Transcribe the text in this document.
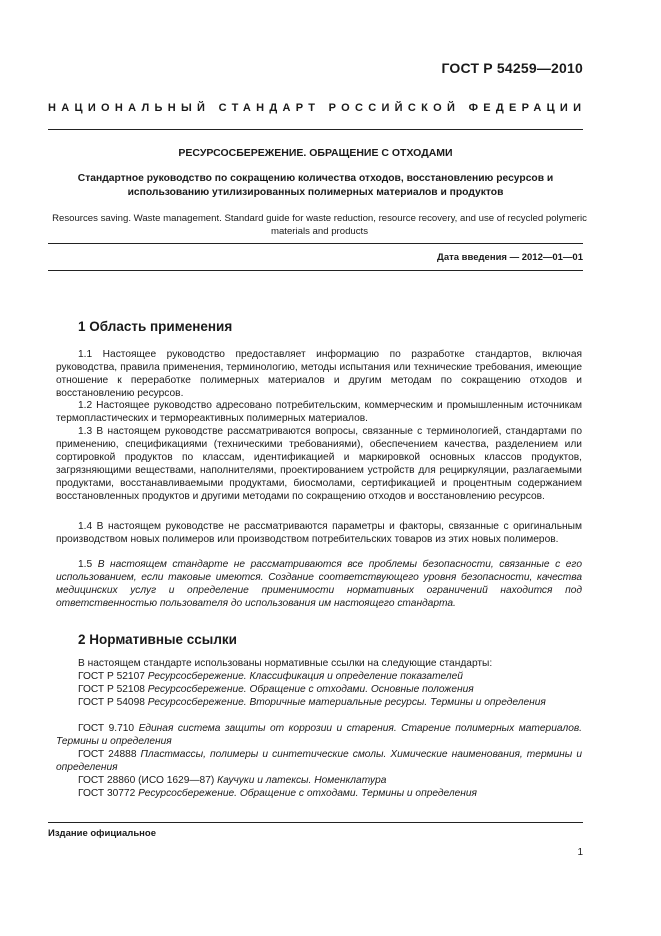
ГОСТ Р 54259—2010
НАЦИОНАЛЬНЫЙ СТАНДАРТ РОССИЙСКОЙ ФЕДЕРАЦИИ
РЕСУРСОСБЕРЕЖЕНИЕ. ОБРАЩЕНИЕ С ОТХОДАМИ
Стандартное руководство по сокращению количества отходов, восстановлению ресурсов и использованию утилизированных полимерных материалов и продуктов
Resources saving. Waste management. Standard guide for waste reduction, resource recovery, and use of recycled polymeric materials and products
Дата введения — 2012—01—01
1 Область применения

1.1 Настоящее руководство предоставляет информацию по разработке стандартов, включая руководства, правила применения, терминологию, методы испытания или технические требования, имеющие отношение к переработке полимерных материалов и другим методам по сокращению отходов и восстановлению ресурсов.

1.2 Настоящее руководство адресовано потребительским, коммерческим и промышленным источникам термопластических и термореактивных полимерных материалов.

1.3 В настоящем руководстве рассматриваются вопросы, связанные с терминологией, стандартами по применению, спецификациями (техническими требованиями), обеспечением качества, разделением или сортировкой продуктов по классам, идентификацией и маркировкой основных классов продуктов, загрязняющими веществами, наполнителями, проектированием устройств для рециркуляции, разлагаемыми продуктами, восстанавливаемыми продуктами, биосмолами, сертификацией и процентным содержанием восстановленных продуктов и другими методами по сокращению отходов и восстановлению ресурсов.

1.4 В настоящем руководстве не рассматриваются параметры и факторы, связанные с оригинальным производством новых полимеров или производством потребительских товаров из этих новых полимеров.

1.5 В настоящем стандарте не рассматриваются все проблемы безопасности, связанные с его использованием, если таковые имеются. Создание соответствующего уровня безопасности, качества медицинских услуг и определение применимости нормативных ограничений находится под ответственностью пользователя до использования им настоящего стандарта.

2 Нормативные ссылки

В настоящем стандарте использованы нормативные ссылки на следующие стандарты:

ГОСТ Р 52107 Ресурсосбережение. Классификация и определение показателей

ГОСТ Р 52108 Ресурсосбережение. Обращение с отходами. Основные положения

ГОСТ Р 54098 Ресурсосбережение. Вторичные материальные ресурсы. Термины и определения

ГОСТ 9.710 Единая система защиты от коррозии и старения. Старение полимерных материалов. Термины и определения

ГОСТ 24888 Пластмассы, полимеры и синтетические смолы. Химические наименования, термины и определения

ГОСТ 28860 (ИСО 1629—87) Каучуки и латексы. Номенклатура

ГОСТ 30772 Ресурсосбережение. Обращение с отходами. Термины и определения

Издание официальное
1
